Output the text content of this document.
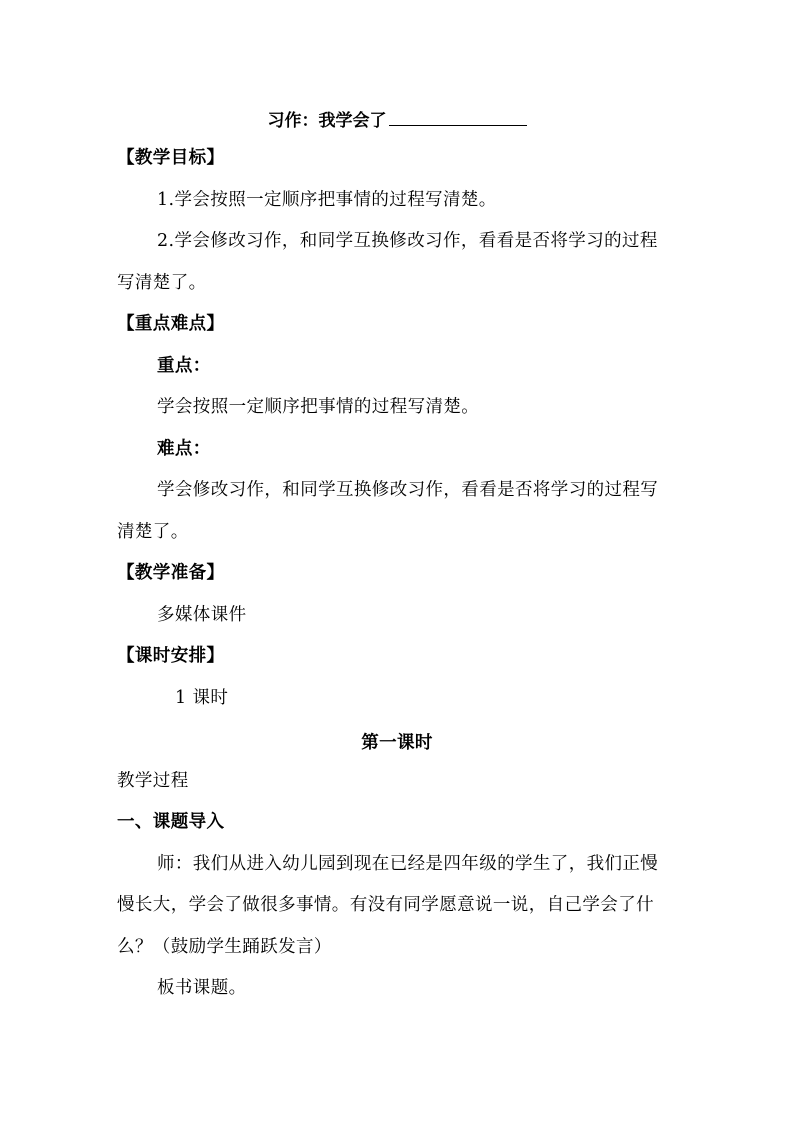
习作：我学会了
【教学目标】
1.学会按照一定顺序把事情的过程写清楚。
2.学会修改习作，和同学互换修改习作，看看是否将学习的过程
写清楚了。
【重点难点】
重点：
学会按照一定顺序把事情的过程写清楚。
难点：
学会修改习作，和同学互换修改习作，看看是否将学习的过程写
清楚了。
【教学准备】
多媒体课件
【课时安排】
1 课时
第一课时
教学过程
一、课题导入
师：我们从进入幼儿园到现在已经是四年级的学生了，我们正慢
慢长大，学会了做很多事情。有没有同学愿意说一说，自己学会了什
么？（鼓励学生踊跃发言）
板书课题。
